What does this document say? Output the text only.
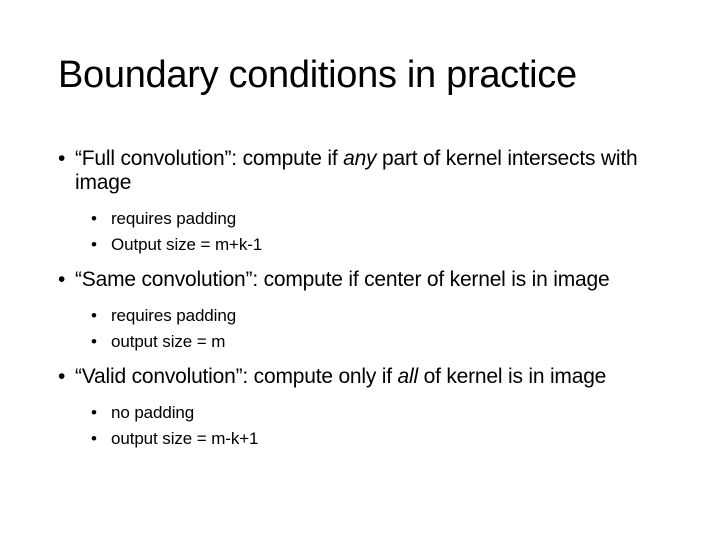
Boundary conditions in practice
• “Full convolution”: compute if any part of kernel intersects with image
• requires padding
• Output size = m+k-1
• “Same convolution”: compute if center of kernel is in image
• requires padding
• output size = m
• “Valid convolution”: compute only if all of kernel is in image
• no padding
• output size = m-k+1
